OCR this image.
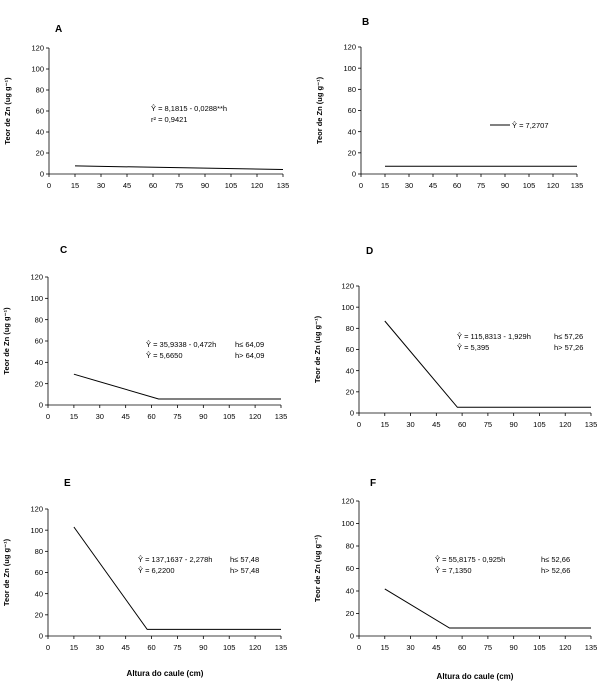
A
0
20
40
60
80
100
120
0	15 30 45 60 75 90 105 120 135
Teor de Zn (ug g⁻¹)	Ŷ = 8,1815 - 0,0288**h
r² = 0,9421
B
0
20
40
60
80
100
120
0 15 30 45 60 75 90 105 120 135
Teor de Zn (ug g⁻¹)	Ŷ = 7,2707
C
0
20
40
60
80
100
120
0	15 30 45 60 75 90 105 120 135
Teor de Zn (ug g⁻¹)	Ŷ = 35,9338 - 0,472h
Ŷ = 5,6650
h≤ 64,09
h> 64,09
D
0
20
40
60
80
100
120
0	15 30 45 60 75 90 105 120 135
Teor de Zn (ug g⁻¹)	Ŷ = 115,8313 - 1,929h
Ŷ = 5,395
h≤ 57,26
h> 57,26
E
0
20
40
60
80
100
120
0	15 30 45 60 75 90 105 120 135
Teor de Zn (ug g⁻¹)	Ŷ = 137,1637 - 2,278h
Ŷ = 6,2200
h≤ 57,48
h> 57,48
F
0
20
40
60
80
100
120
0	15 30 45 60 75 90 105 120 135
Teor de Zn (ug g⁻¹)	Ŷ = 55,8175 - 0,925h
Ŷ = 7,1350
h≤ 52,66
h> 52,66
Altura do caule (cm)	Altura do caule (cm)
